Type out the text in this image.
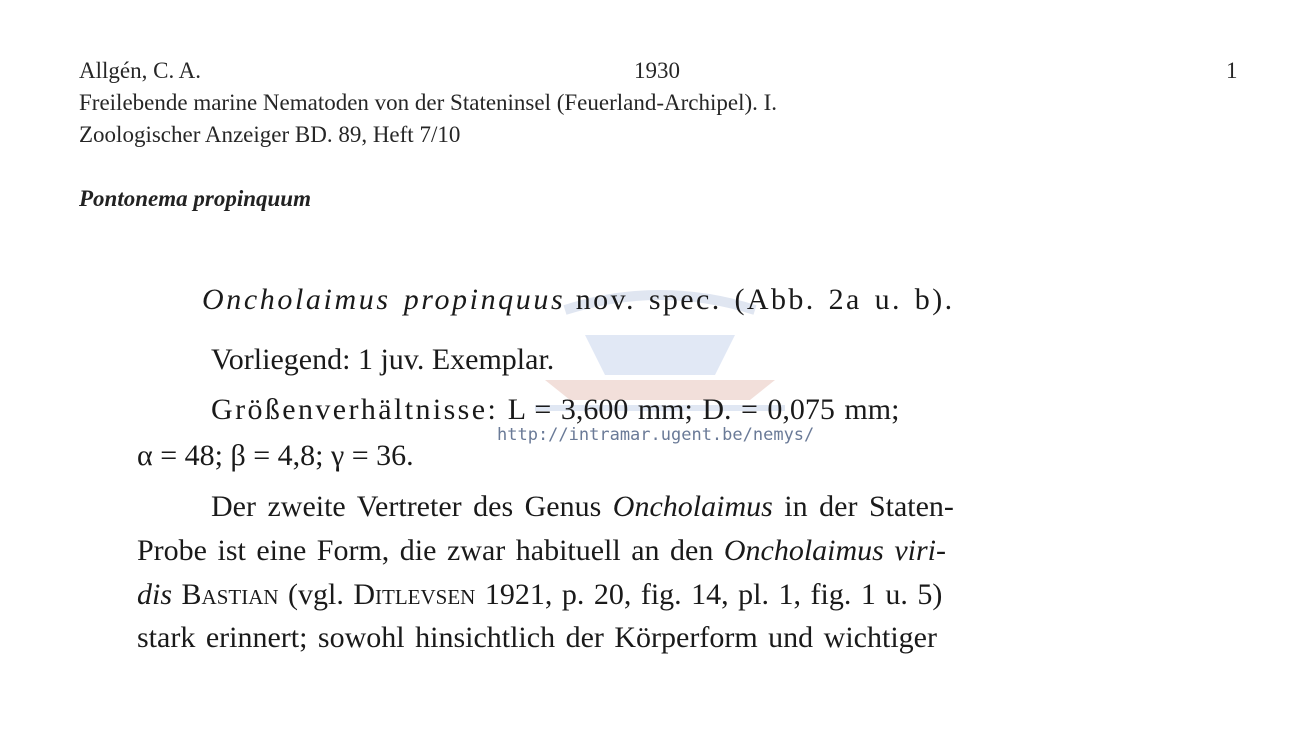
Allgén, C. A.	1930	1
Freilebende marine Nematoden von der Stateninsel (Feuerland-Archipel). I.
Zoologischer Anzeiger BD. 89, Heft 7/10
Pontonema propinquum
http://intramar.ugent.be/nemys/
Oncholaimus propinquus nov. spec. (Abb. 2a u. b).
Vorliegend: 1 juv. Exemplar.
Größenverhältnisse: L = 3,600 mm; D. = 0,075 mm;
α = 48; β = 4,8; γ = 36.
Der zweite Vertreter des Genus Oncholaimus in der Staten-
Probe ist eine Form, die zwar habituell an den Oncholaimus viri-
dis Bastian (vgl. Ditlevsen 1921, p. 20, fig. 14, pl. 1, fig. 1 u. 5)
stark erinnert; sowohl hinsichtlich der Körperform und wichtiger
